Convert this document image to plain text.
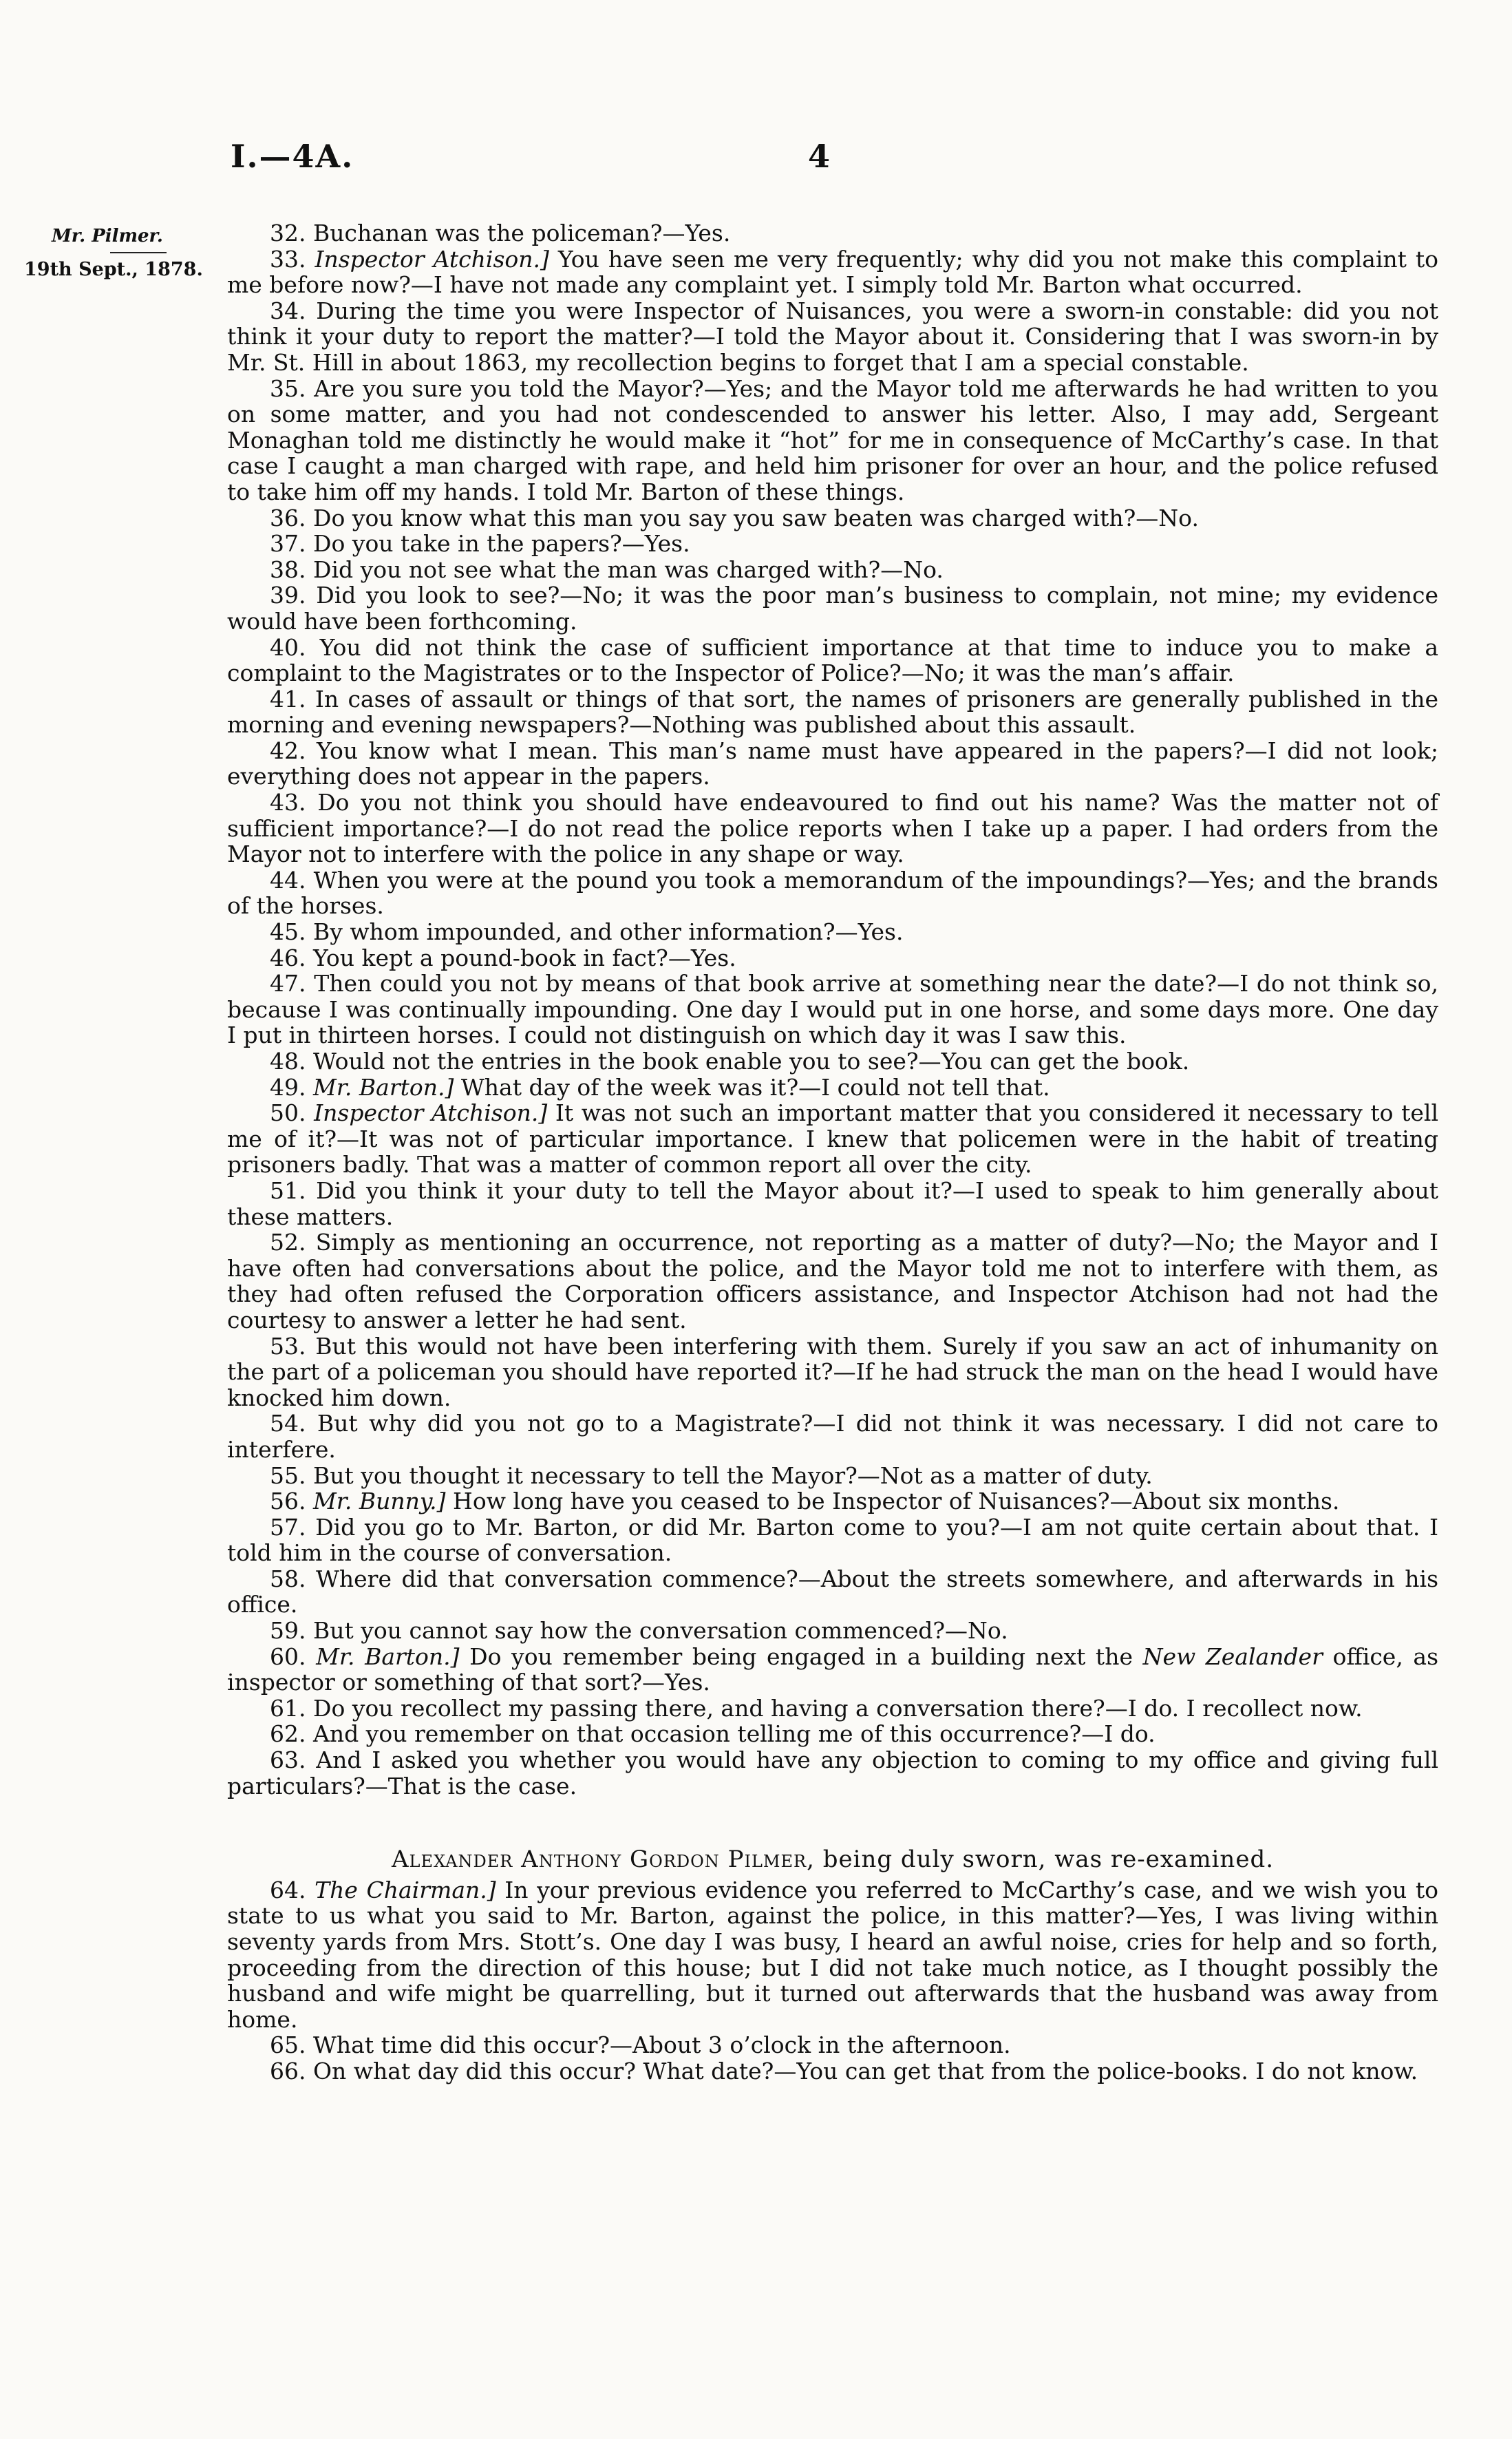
I.—4A.	4
Mr. Pilmer.
19th Sept., 1878.

32. Buchanan was the policeman?—Yes.

33. Inspector Atchison.] You have seen me very frequently; why did you not make this complaint to me before now?—I have not made any complaint yet. I simply told Mr. Barton what occurred.

34. During the time you were Inspector of Nuisances, you were a sworn-in constable: did you not think it your duty to report the matter?—I told the Mayor about it. Considering that I was sworn-in by Mr. St. Hill in about 1863, my recollection begins to forget that I am a special constable.

35. Are you sure you told the Mayor?—Yes; and the Mayor told me afterwards he had written to you on some matter, and you had not condescended to answer his letter. Also, I may add, Sergeant Monaghan told me distinctly he would make it “hot” for me in consequence of McCarthy’s case. In that case I caught a man charged with rape, and held him prisoner for over an hour, and the police refused to take him off my hands. I told Mr. Barton of these things.

36. Do you know what this man you say you saw beaten was charged with?—No.

37. Do you take in the papers?—Yes.

38. Did you not see what the man was charged with?—No.

39. Did you look to see?—No; it was the poor man’s business to complain, not mine; my evidence would have been forthcoming.

40. You did not think the case of sufficient importance at that time to induce you to make a complaint to the Magistrates or to the Inspector of Police?—No; it was the man’s affair.

41. In cases of assault or things of that sort, the names of prisoners are generally published in the morning and evening newspapers?—Nothing was published about this assault.

42. You know what I mean. This man’s name must have appeared in the papers?—I did not look; everything does not appear in the papers.

43. Do you not think you should have endeavoured to find out his name? Was the matter not of sufficient importance?—I do not read the police reports when I take up a paper. I had orders from the Mayor not to interfere with the police in any shape or way.

44. When you were at the pound you took a memorandum of the impoundings?—Yes; and the brands of the horses.

45. By whom impounded, and other information?—Yes.

46. You kept a pound-book in fact?—Yes.

47. Then could you not by means of that book arrive at something near the date?—I do not think so, because I was continually impounding. One day I would put in one horse, and some days more. One day I put in thirteen horses. I could not distinguish on which day it was I saw this.

48. Would not the entries in the book enable you to see?—You can get the book.

49. Mr. Barton.] What day of the week was it?—I could not tell that.

50. Inspector Atchison.] It was not such an important matter that you considered it necessary to tell me of it?—It was not of particular importance. I knew that policemen were in the habit of treating prisoners badly. That was a matter of common report all over the city.

51. Did you think it your duty to tell the Mayor about it?—I used to speak to him generally about these matters.

52. Simply as mentioning an occurrence, not reporting as a matter of duty?—No; the Mayor and I have often had conversations about the police, and the Mayor told me not to interfere with them, as they had often refused the Corporation officers assistance, and Inspector Atchison had not had the courtesy to answer a letter he had sent.

53. But this would not have been interfering with them. Surely if you saw an act of inhumanity on the part of a policeman you should have reported it?—If he had struck the man on the head I would have knocked him down.

54. But why did you not go to a Magistrate?—I did not think it was necessary. I did not care to interfere.

55. But you thought it necessary to tell the Mayor?—Not as a matter of duty.

56. Mr. Bunny.] How long have you ceased to be Inspector of Nuisances?—About six months.

57. Did you go to Mr. Barton, or did Mr. Barton come to you?—I am not quite certain about that. I told him in the course of conversation.

58. Where did that conversation commence?—About the streets somewhere, and afterwards in his office.

59. But you cannot say how the conversation commenced?—No.

60. Mr. Barton.] Do you remember being engaged in a building next the New Zealander office, as inspector or something of that sort?—Yes.

61. Do you recollect my passing there, and having a conversation there?—I do. I recollect now.

62. And you remember on that occasion telling me of this occurrence?—I do.

63. And I asked you whether you would have any objection to coming to my office and giving full particulars?—That is the case.

Alexander Anthony Gordon Pilmer, being duly sworn, was re-examined.

64. The Chairman.] In your previous evidence you referred to McCarthy’s case, and we wish you to state to us what you said to Mr. Barton, against the police, in this matter?—Yes, I was living within seventy yards from Mrs. Stott’s. One day I was busy, I heard an awful noise, cries for help and so forth, proceeding from the direction of this house; but I did not take much notice, as I thought possibly the husband and wife might be quarrelling, but it turned out afterwards that the husband was away from home.

65. What time did this occur?—About 3 o’clock in the afternoon.

66. On what day did this occur? What date?—You can get that from the police-books. I do not know.
